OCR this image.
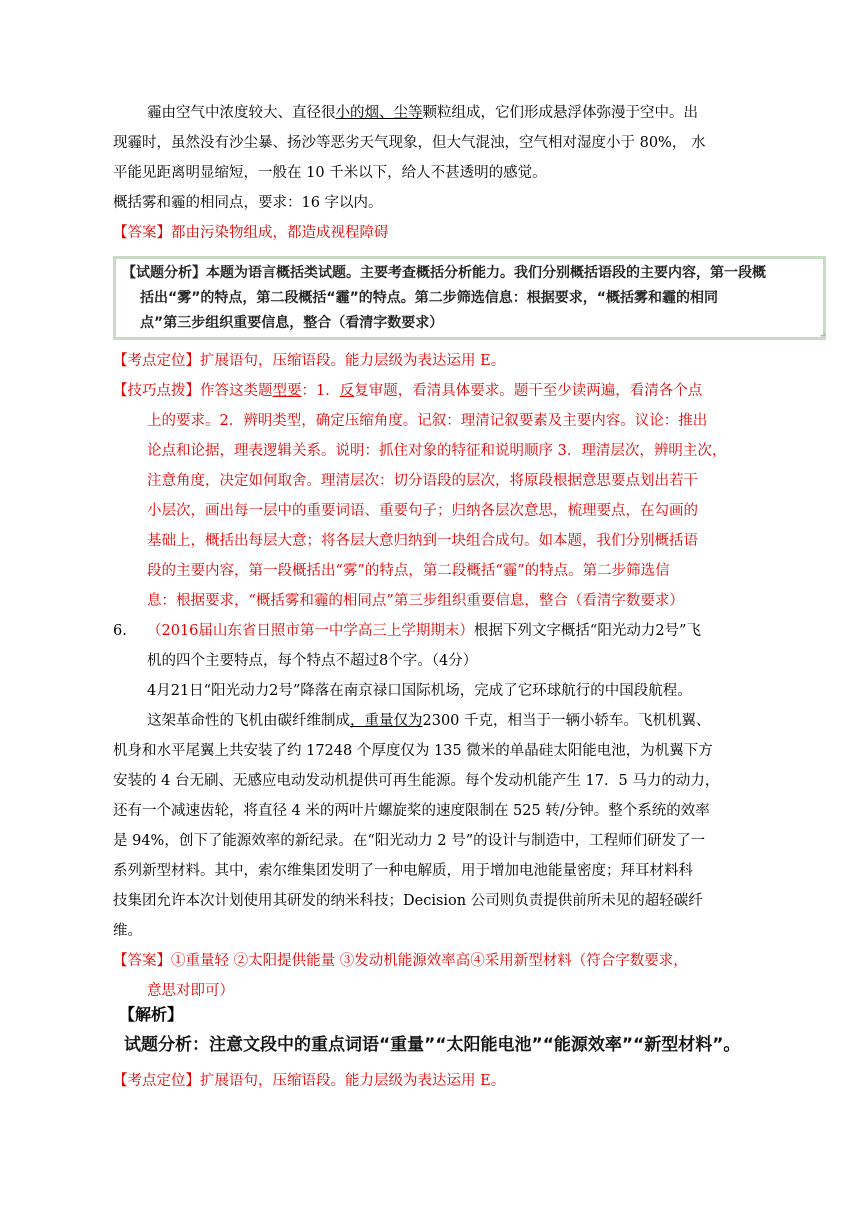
霾由空气中浓度较大、直径很小的烟、尘等颗粒组成，它们形成悬浮体弥漫于空中。出
现霾时，虽然没有沙尘暴、扬沙等恶劣天气现象，但大气混浊，空气相对湿度小于 80%， 水
平能见距离明显缩短，一般在 10 千米以下，给人不甚透明的感觉。
概括雾和霾的相同点，要求：16 字以内。
【答案】都由污染物组成，都造成视程障碍
【试题分析】本题为语言概括类试题。主要考查概括分析能力。我们分别概括语段的主要内容，第一段概
括出“雾”的特点，第二段概括“霾”的特点。第二步筛选信息：根据要求，“概括雾和霾的相同
点”第三步组织重要信息，整合（看清字数要求）
↵
【考点定位】扩展语句，压缩语段。能力层级为表达运用 E。
【技巧点拨】作答这类题型要：1．反复审题，看清具体要求。题干至少读两遍，看清各个点
上的要求。2．辨明类型，确定压缩角度。记叙：理清记叙要素及主要内容。议论：推出
论点和论据，理表逻辑关系。说明：抓住对象的特征和说明顺序 3．理清层次，辨明主次，
注意角度，决定如何取舍。理清层次：切分语段的层次，将原段根据意思要点划出若干
小层次，画出每一层中的重要词语、重要句子；归纳各层次意思，梳理要点，在勾画的
基础上，概括出每层大意；将各层大意归纳到一块组合成句。如本题，我们分别概括语
段的主要内容，第一段概括出“雾”的特点，第二段概括“霾”的特点。第二步筛选信
息：根据要求，“概括雾和霾的相同点”第三步组织重要信息，整合（看清字数要求）
6. （2016届山东省日照市第一中学高三上学期期末）根据下列文字概括“阳光动力2号”飞
机的四个主要特点，每个特点不超过8个字。（4分）
4月21日“阳光动力2号”降落在南京禄口国际机场，完成了它环球航行的中国段航程。
这架革命性的飞机由碳纤维制成，重量仅为2300 千克，相当于一辆小轿车。飞机机翼、
机身和水平尾翼上共安装了约 17248 个厚度仅为 135 微米的单晶硅太阳能电池，为机翼下方
安装的 4 台无刷、无感应电动发动机提供可再生能源。每个发动机能产生 17．5 马力的动力，
还有一个减速齿轮，将直径 4 米的两叶片螺旋桨的速度限制在 525 转/分钟。整个系统的效率
是 94%，创下了能源效率的新纪录。在“阳光动力 2 号”的设计与制造中，工程师们研发了一
系列新型材料。其中，索尔维集团发明了一种电解质，用于增加电池能量密度；拜耳材料科
技集团允许本次计划使用其研发的纳米科技；Decision 公司则负责提供前所未见的超轻碳纤
维。
【答案】①重量轻 ②太阳提供能量 ③发动机能源效率高④采用新型材料（符合字数要求，
意思对即可）
【解析】
试题分析：注意文段中的重点词语“重量”“太阳能电池”“能源效率”“新型材料”。
【考点定位】扩展语句，压缩语段。能力层级为表达运用 E。
